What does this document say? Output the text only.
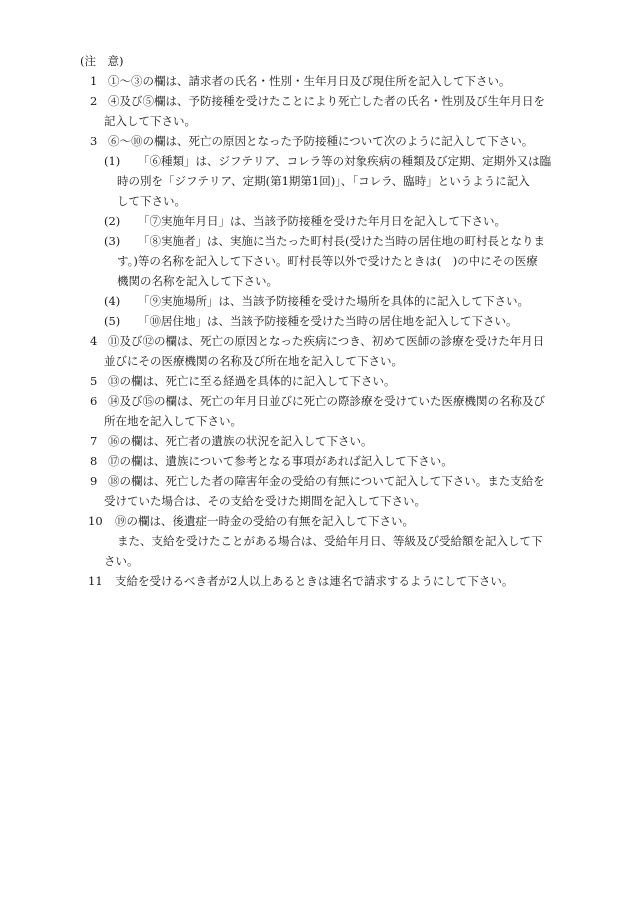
(注　意)
1 ①〜③の欄は、請求者の氏名・性別・生年月日及び現住所を記入して下さい。
2 ④及び⑤欄は、予防接種を受けたことにより死亡した者の氏名・性別及び生年月日を
記入して下さい。
3 ⑥〜⑩の欄は、死亡の原因となった予防接種について次のように記入して下さい。
(1) 「⑥種類」は、ジフテリア、コレラ等の対象疾病の種類及び定期、定期外又は臨
時の別を「ジフテリア、定期(第1期第1回)」、「コレラ、臨時」というように記入
して下さい。
(2) 「⑦実施年月日」は、当該予防接種を受けた年月日を記入して下さい。
(3) 「⑧実施者」は、実施に当たった町村長(受けた当時の居住地の町村長となりま
す。)等の名称を記入して下さい。町村長等以外で受けたときは(　)の中にその医療
機関の名称を記入して下さい。
(4) 「⑨実施場所」は、当該予防接種を受けた場所を具体的に記入して下さい。
(5) 「⑩居住地」は、当該予防接種を受けた当時の居住地を記入して下さい。
4 ⑪及び⑫の欄は、死亡の原因となった疾病につき、初めて医師の診療を受けた年月日
並びにその医療機関の名称及び所在地を記入して下さい。
5 ⑬の欄は、死亡に至る経過を具体的に記入して下さい。
6 ⑭及び⑮の欄は、死亡の年月日並びに死亡の際診療を受けていた医療機関の名称及び
所在地を記入して下さい。
7 ⑯の欄は、死亡者の遺族の状況を記入して下さい。
8 ⑰の欄は、遺族について参考となる事項があれば記入して下さい。
9 ⑱の欄は、死亡した者の障害年金の受給の有無について記入して下さい。また支給を
受けていた場合は、その支給を受けた期間を記入して下さい。
10 ⑲の欄は、後遺症一時金の受給の有無を記入して下さい。
また、支給を受けたことがある場合は、受給年月日、等級及び受給額を記入して下
さい。
11 支給を受けるべき者が2人以上あるときは連名で請求するようにして下さい。
